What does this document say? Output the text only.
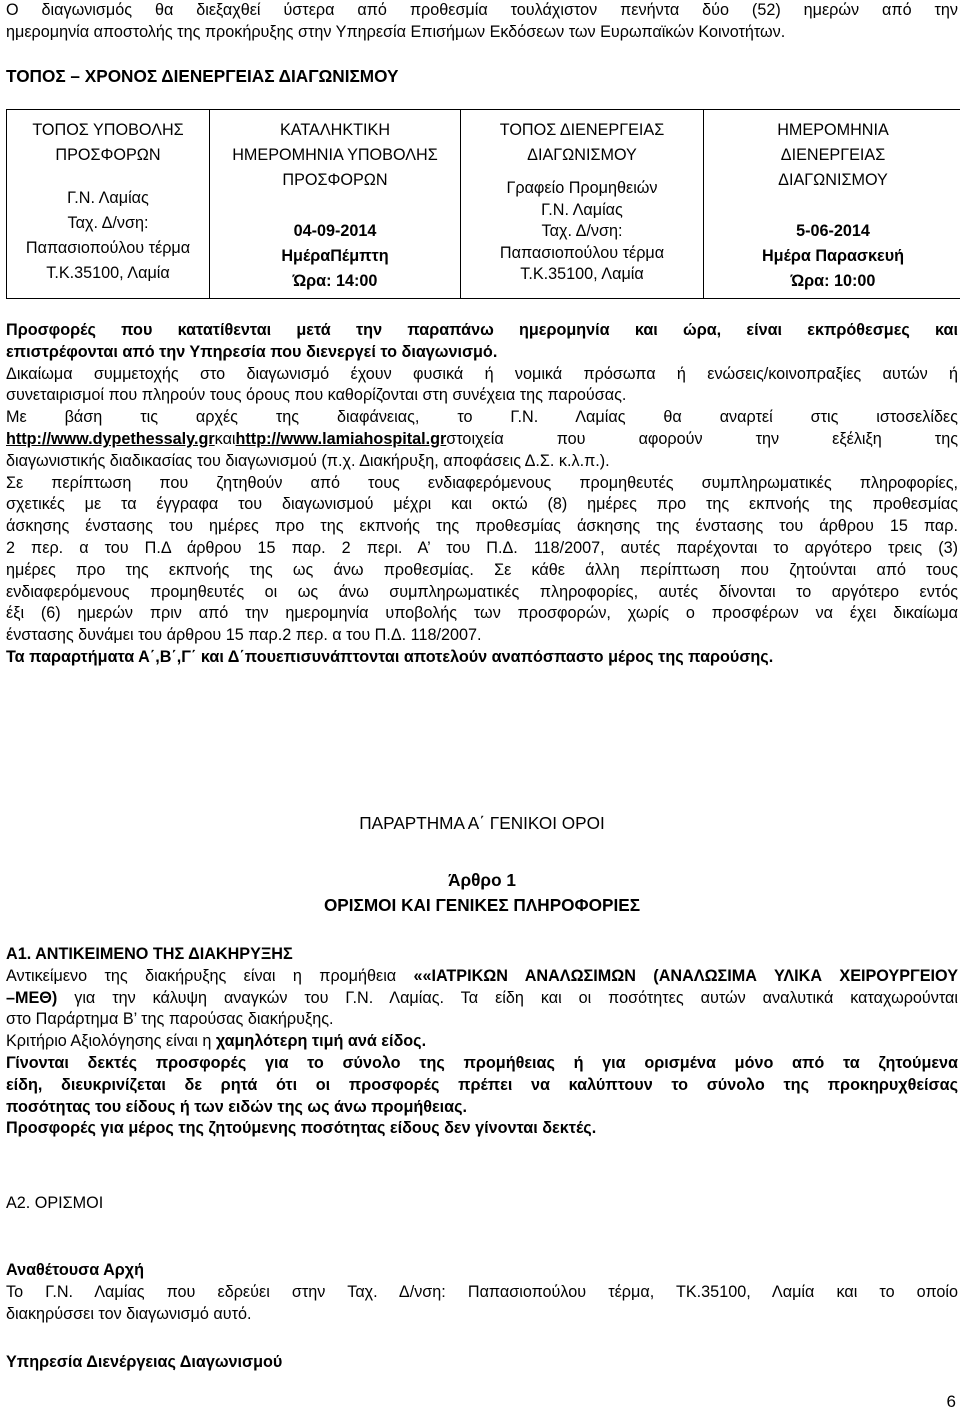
Ο διαγωνισμός θα διεξαχθεί ύστερα από προθεσμία τουλάχιστον πενήντα δύο (52) ημερών από την

ημερομηνία αποστολής της προκήρυξης στην Υπηρεσία Επισήμων Εκδόσεων των Ευρωπαϊκών Κοινοτήτων.

ΤΟΠΟΣ – ΧΡΟΝΟΣ ΔΙΕΝΕΡΓΕΙΑΣ ΔΙΑΓΩΝΙΣΜΟΥ

ΤΟΠΟΣ ΥΠΟΒΟΛΗΣ
ΠΡΟΣΦΟΡΩΝ
Γ.Ν. Λαμίας
Ταχ. Δ/νση:
Παπασιοπούλου τέρμα
Τ.Κ.35100, Λαμία

ΚΑΤΑΛΗΚΤΙΚΗ
ΗΜΕΡΟΜΗΝΙΑ ΥΠΟΒΟΛΗΣ
ΠΡΟΣΦΟΡΩΝ
04-09-2014
ΗμέραΠέμπτη
Ώρα: 14:00

ΤΟΠΟΣ ΔΙΕΝΕΡΓΕΙΑΣ
ΔΙΑΓΩΝΙΣΜΟΥ
Γραφείο Προμηθειών
Γ.Ν. Λαμίας
Ταχ. Δ/νση:
Παπασιοπούλου τέρμα
Τ.Κ.35100, Λαμία

ΗΜΕΡΟΜΗΝΙΑ
ΔΙΕΝΕΡΓΕΙΑΣ
ΔΙΑΓΩΝΙΣΜΟΥ
5-06-2014
Ημέρα Παρασκευή
Ώρα: 10:00

Προσφορές που κατατίθενται μετά την παραπάνω ημερομηνία και ώρα, είναι εκπρόθεσμες και

επιστρέφονται από την Υπηρεσία που διενεργεί το διαγωνισμό.

Δικαίωμα συμμετοχής στο διαγωνισμό έχουν φυσικά ή νομικά πρόσωπα ή ενώσεις/κοινοπραξίες αυτών ή

συνεταιρισμοί που πληρούν τους όρους που καθορίζονται στη συνέχεια της παρούσας.

Με βάση τις αρχές της διαφάνειας, το Γ.Ν. Λαμίας θα αναρτεί στις ιστοσελίδες

http://www.dypethessaly.grκαιhttp://www.lamiahospital.grστοιχεία που αφορούν την εξέλιξη της

διαγωνιστικής διαδικασίας του διαγωνισμού (π.χ. Διακήρυξη, αποφάσεις Δ.Σ. κ.λ.π.).

Σε περίπτωση που ζητηθούν από τους ενδιαφερόμενους προμηθευτές συμπληρωματικές πληροφορίες,

σχετικές με τα έγγραφα του διαγωνισμού μέχρι και οκτώ (8) ημέρες προ της εκπνοής της προθεσμίας

άσκησης ένστασης του ημέρες προ της εκπνοής της προθεσμίας άσκησης της ένστασης του άρθρου 15 παρ.

2 περ. α του Π.Δ άρθρου 15 παρ. 2 περι. Α’ του Π.Δ. 118/2007, αυτές παρέχονται το αργότερο τρεις (3)

ημέρες προ της εκπνοής της ως άνω προθεσμίας. Σε κάθε άλλη περίπτωση που ζητούνται από τους

ενδιαφερόμενους προμηθευτές οι ως άνω συμπληρωματικές πληροφορίες, αυτές δίνονται το αργότερο εντός

έξι (6) ημερών πριν από την ημερομηνία υποβολής των προσφορών, χωρίς ο προσφέρων να έχει δικαίωμα

ένστασης δυνάμει του άρθρου 15 παρ.2 περ. α του Π.Δ. 118/2007.

Τα παραρτήματα Α΄,Β΄,Γ΄ και Δ΄πουεπισυνάπτονται αποτελούν αναπόσπαστο μέρος της παρούσης.

ΠΑΡΑΡΤΗΜΑ Α΄ ΓΕΝΙΚΟΙ ΟΡΟΙ
Άρθρο 1
ΟΡΙΣΜΟΙ ΚΑΙ ΓΕΝΙΚΕΣ ΠΛΗΡΟΦΟΡΙΕΣ

Α1. ΑΝΤΙΚΕΙΜΕΝΟ ΤΗΣ ΔΙΑΚΗΡΥΞΗΣ

Αντικείμενο της διακήρυξης είναι η προμήθεια ««ΙΑΤΡΙΚΩΝ ΑΝΑΛΩΣΙΜΩΝ (ΑΝΑΛΩΣΙΜΑ ΥΛΙΚΑ ΧΕΙΡΟΥΡΓΕΙΟΥ

–ΜΕΘ) για την κάλυψη αναγκών του Γ.Ν. Λαμίας. Τα είδη και οι ποσότητες αυτών αναλυτικά καταχωρούνται

στο Παράρτημα Β’ της παρούσας διακήρυξης.

Κριτήριο Αξιολόγησης είναι η χαμηλότερη τιμή ανά είδος.

Γίνονται δεκτές προσφορές για το σύνολο της προμήθειας ή για ορισμένα μόνο από τα ζητούμενα

είδη, διευκρινίζεται δε ρητά ότι οι προσφορές πρέπει να καλύπτουν το σύνολο της προκηρυχθείσας

ποσότητας του είδους ή των ειδών της ως άνω προμήθειας.

Προσφορές για μέρος της ζητούμενης ποσότητας είδους δεν γίνονται δεκτές.

Α2. ΟΡΙΣΜΟΙ

Αναθέτουσα Αρχή

Το Γ.Ν. Λαμίας που εδρεύει στην Ταχ. Δ/νση: Παπασιοπούλου τέρμα, ΤΚ.35100, Λαμία και το οποίο

διακηρύσσει τον διαγωνισμό αυτό.

Υπηρεσία Διενέργειας Διαγωνισμού

6
